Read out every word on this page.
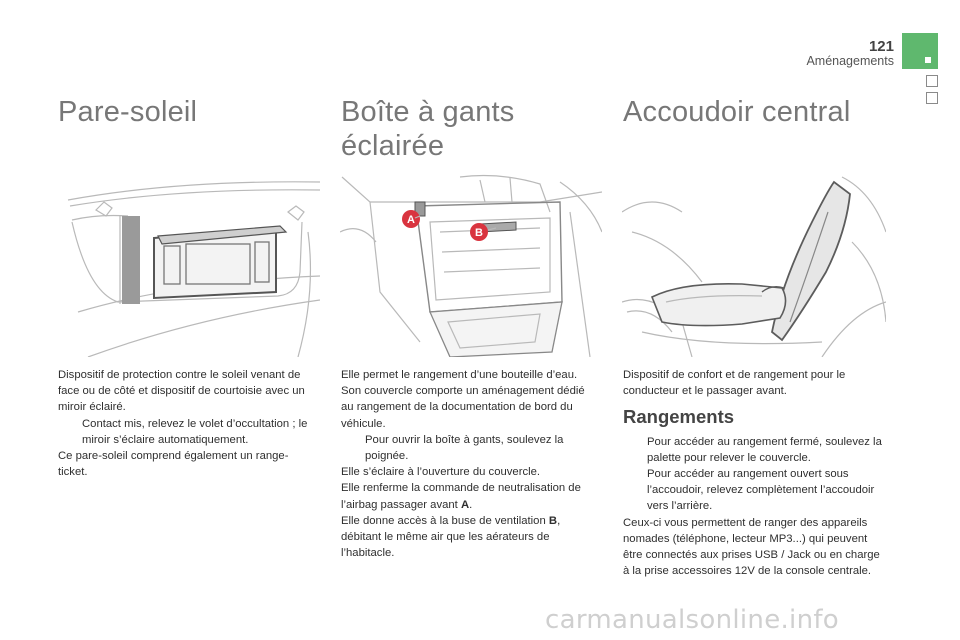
121
Aménagements
Pare-soleil

Dispositif de protection contre le soleil venant de face ou de côté et dispositif de courtoisie avec un miroir éclairé.

Contact mis, relevez le volet d’occultation ; le miroir s’éclaire automatiquement.

Ce pare-soleil comprend également un range-ticket.

Boîte à gants
éclairée
A
B

Elle permet le rangement d’une bouteille d’eau. Son couvercle comporte un aménagement dédié au rangement de la documentation de bord du véhicule.

Pour ouvrir la boîte à gants, soulevez la poignée.

Elle s’éclaire à l’ouverture du couvercle.

Elle renferme la commande de neutralisation de l’airbag passager avant A.

Elle donne accès à la buse de ventilation B, débitant le même air que les aérateurs de l’habitacle.

Accoudoir central

Dispositif de confort et de rangement pour le conducteur et le passager avant.

Rangements

Pour accéder au rangement fermé, soulevez la palette pour relever le couvercle.

Pour accéder au rangement ouvert sous l’accoudoir, relevez complètement l’accoudoir vers l’arrière.

Ceux-ci vous permettent de ranger des appareils nomades (téléphone, lecteur MP3...) qui peuvent être connectés aux prises USB / Jack ou en charge à la prise accessoires 12V de la console centrale.

carmanualsonline.info
